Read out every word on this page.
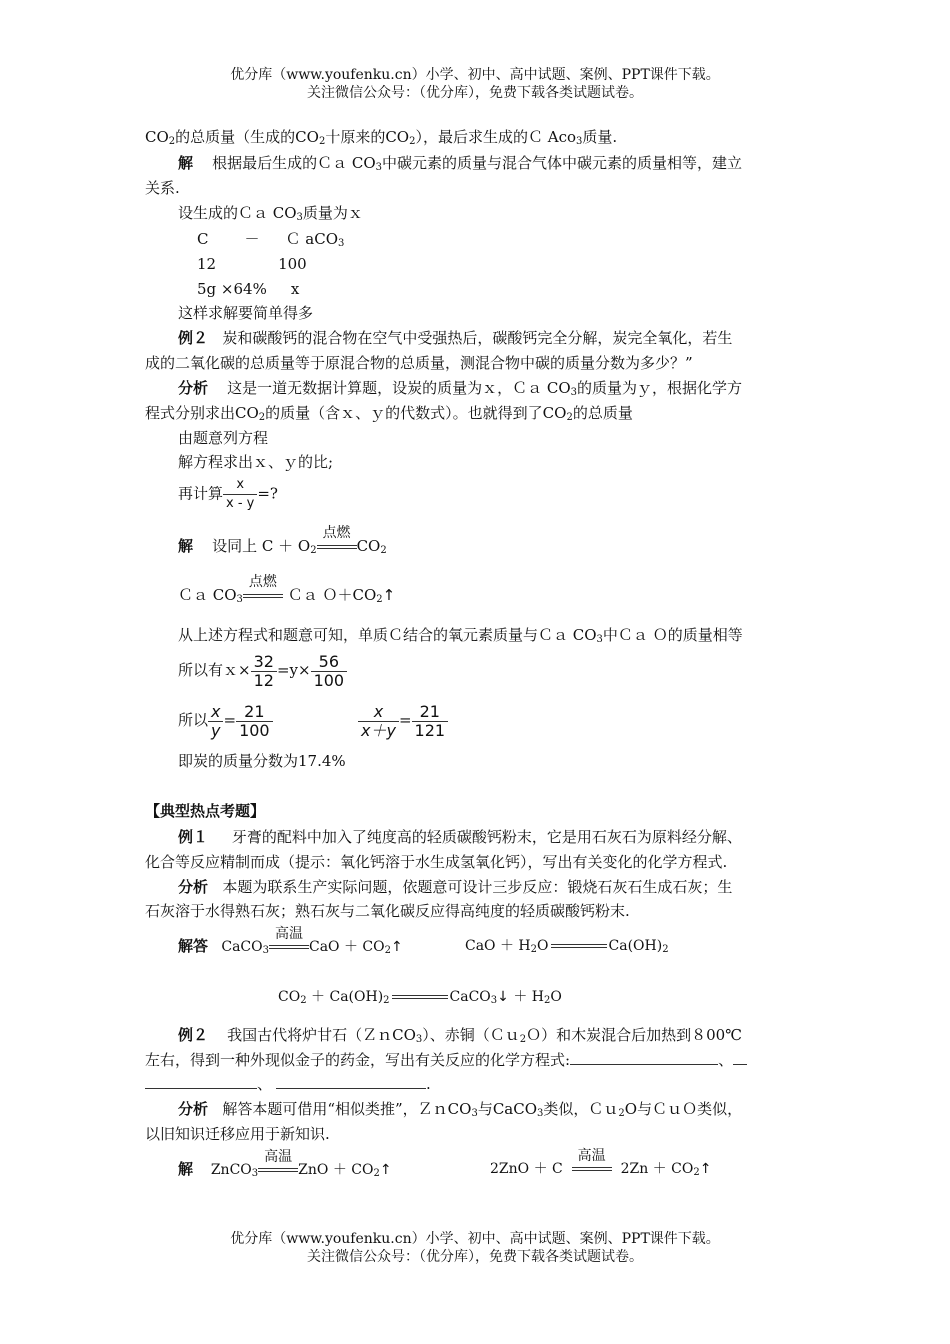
优分库（www.youfenku.cn）小学、初中、高中试题、案例、PPT课件下载。
关注微信公众号：（优分库），免费下载各类试题试卷。
$CO_2$的总质量（生成的$CO_2$十原来的$CO_2$），最后求生成的Ｃ Aco$_3$质量.
解 根据最后生成的Ｃａ $CO_3$中碳元素的质量与混合气体中碳元素的质量相等，建立
关系.
设生成的Ｃａ $CO_3$质量为ｘ
C － Ｃ aCO$_3$
12	100
5g ×64% x
这样求解要简单得多
例２ 炭和碳酸钙的混合物在空气中受强热后，碳酸钙完全分解，炭完全氧化，若生
成的二氧化碳的总质量等于原混合物的总质量，测混合物中碳的质量分数为多少？”
分析 这是一道无数据计算题，设炭的质量为ｘ，Ｃａ $CO_3$的质量为ｙ，根据化学方
程式分别求出$CO_2$的质量（含ｘ、ｙ的代数式）。也就得到了$CO_2$的总质量
由题意列方程
解方程求出ｘ、ｙ的比;
再计算 $\frac{x}{x - y}$ =?
解 设同上 $C + O_2$
点燃
$CO_2$
Ｃａ $CO_3$
点燃
Ｃａ $O+CO_2↑$
从上述方程式和题意可知，单质Ｃ结合的氧元素质量与Ｃａ $CO_3$中Ｃａ Ｏ的质量相等
所以有ｘ× $\frac{32}{12} =y\times \frac{56}{100}$
所以 $\frac{x}{y} = \frac{21}{100}$	$\frac{x}{x+y} = \frac{21}{121}$
即炭的质量分数为17.4%
【典型热点考题】
例１ 牙膏的配料中加入了纯度高的轻质碳酸钙粉末，它是用石灰石为原料经分解、
化合等反应精制而成（提示：氧化钙溶于水生成氢氧化钙），写出有关变化的化学方程式.
分析 本题为联系生产实际问题，依题意可设计三步反应：锻烧石灰石生成石灰；生
石灰溶于水得熟石灰；熟石灰与二氧化碳反应得高纯度的轻质碳酸钙粉末.
解答 CaCO$_3$
高温
CaO ＋ $CO_2↑$	CaO ＋ $H_2O$	$Ca(OH)_2$
$CO_2 + Ca(OH)_2$	CaCO$_3$↓ ＋ $H_2O$
例２ 我国古代将炉甘石（ＺｎCO$_3$）、赤铜（Ｃｕ$_2$Ｏ）和木炭混合后加热到８00℃
左右，得到一种外现似金子的药金，写出有关反应的化学方程式:	、
、	.
分析 解答本题可借用“相似类推”，ＺｎCO$_3$与CaCO$_3$类似，Ｃｕ$_2$O与ＣｕＯ类似，
以旧知识迁移应用于新知识.
解 ZnCO$_3$
高温
ZnO ＋ $CO_2↑$	2ZnO ＋ C
高温
$2Zn + CO_2↑$
优分库（www.youfenku.cn）小学、初中、高中试题、案例、PPT课件下载。
关注微信公众号：（优分库），免费下载各类试题试卷。
